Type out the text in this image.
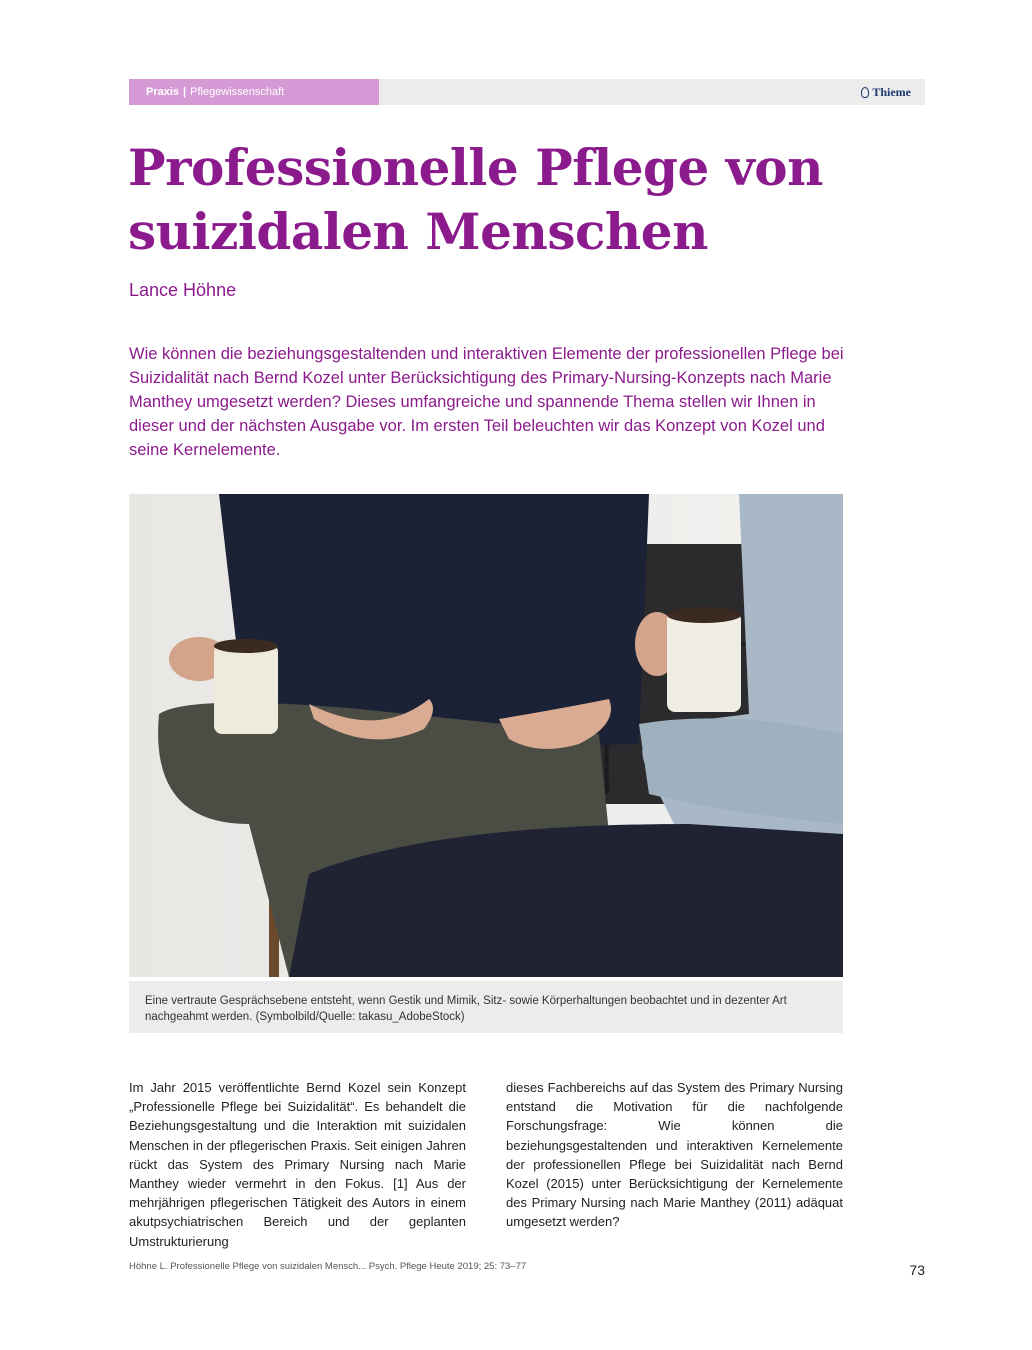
Praxis | Pflegewissenschaft	Thieme
Professionelle Pflege von suizidalen Menschen
Lance Höhne

Wie können die beziehungsgestaltenden und interaktiven Elemente der professionellen Pflege bei Suizidalität nach Bernd Kozel unter Berücksichtigung des Primary-Nursing-Konzepts nach Marie Manthey umgesetzt werden? Dieses umfangreiche und spannende Thema stellen wir Ihnen in dieser und der nächsten Ausgabe vor. Im ersten Teil beleuchten wir das Konzept von Kozel und seine Kernelemente.

Eine vertraute Gesprächsebene entsteht, wenn Gestik und Mimik, Sitz- sowie Körperhaltungen beobachtet und in dezenter Art nachgeahmt werden. (Symbolbild/Quelle: takasu_AdobeStock)

Im Jahr 2015 veröffentlichte Bernd Kozel sein Konzept „Professionelle Pflege bei Suizidalität“. Es behandelt die Beziehungsgestaltung und die Interaktion mit suizidalen Menschen in der pflegerischen Praxis. Seit einigen Jahren rückt das System des Primary Nursing nach Marie Manthey wieder vermehrt in den Fokus. [1] Aus der mehrjährigen pflegerischen Tätigkeit des Autors in einem akutpsychiatrischen Bereich und der geplanten Umstrukturierung

dieses Fachbereichs auf das System des Primary Nursing entstand die Motivation für die nachfolgende Forschungsfrage: Wie können die beziehungsgestaltenden und interaktiven Kernelemente der professionellen Pflege bei Suizidalität nach Bernd Kozel (2015) unter Berücksichtigung der Kernelemente des Primary Nursing nach Marie Manthey (2011) adäquat umgesetzt werden?

Höhne L. Professionelle Pflege von suizidalen Mensch... Psych. Pflege Heute 2019; 25: 73–77	73
